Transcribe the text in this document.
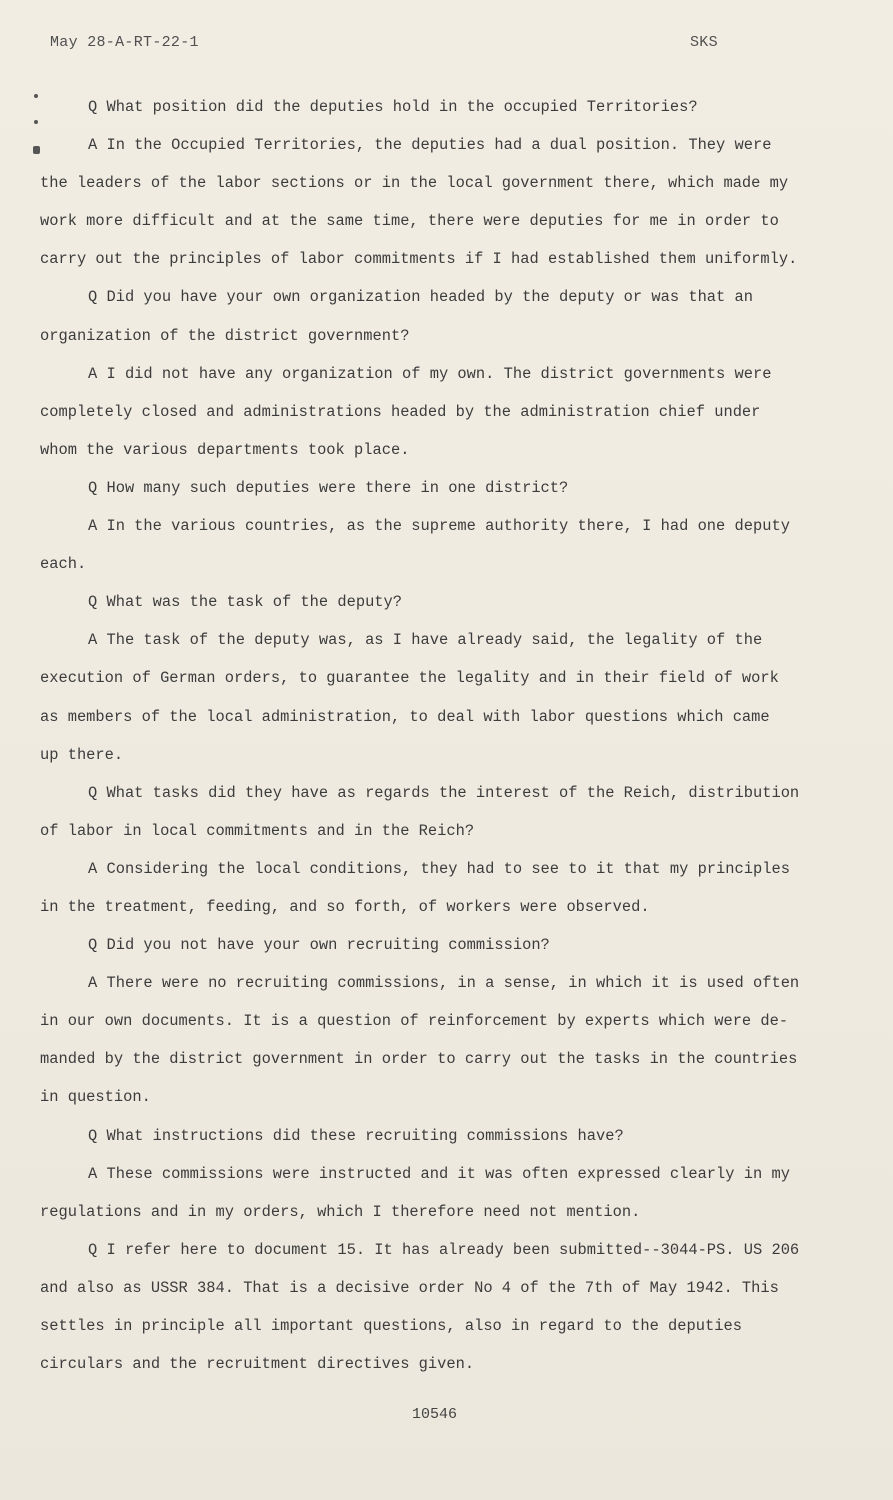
May 28-A-RT-22-1	SKS
Q What position did the deputies hold in the occupied Territories?
A In the Occupied Territories, the deputies had a dual position. They were
the leaders of the labor sections or in the local government there, which made my
work more difficult and at the same time, there were deputies for me in order to
carry out the principles of labor commitments if I had established them uniformly.
Q Did you have your own organization headed by the deputy or was that an
organization of the district government?
A I did not have any organization of my own. The district governments were
completely closed and administrations headed by the administration chief under
whom the various departments took place.
Q How many such deputies were there in one district?
A In the various countries, as the supreme authority there, I had one deputy
each.
Q What was the task of the deputy?
A The task of the deputy was, as I have already said, the legality of the
execution of German orders, to guarantee the legality and in their field of work
as members of the local administration, to deal with labor questions which came
up there.
Q What tasks did they have as regards the interest of the Reich, distribution
of labor in local commitments and in the Reich?
A Considering the local conditions, they had to see to it that my principles
in the treatment, feeding, and so forth, of workers were observed.
Q Did you not have your own recruiting commission?
A There were no recruiting commissions, in a sense, in which it is used often
in our own documents. It is a question of reinforcement by experts which were de-
manded by the district government in order to carry out the tasks in the countries
in question.
Q What instructions did these recruiting commissions have?
A These commissions were instructed and it was often expressed clearly in my
regulations and in my orders, which I therefore need not mention.
Q I refer here to document 15. It has already been submitted--3044-PS. US 206
and also as USSR 384. That is a decisive order No 4 of the 7th of May 1942. This
settles in principle all important questions, also in regard to the deputies
circulars and the recruitment directives given.
10546
